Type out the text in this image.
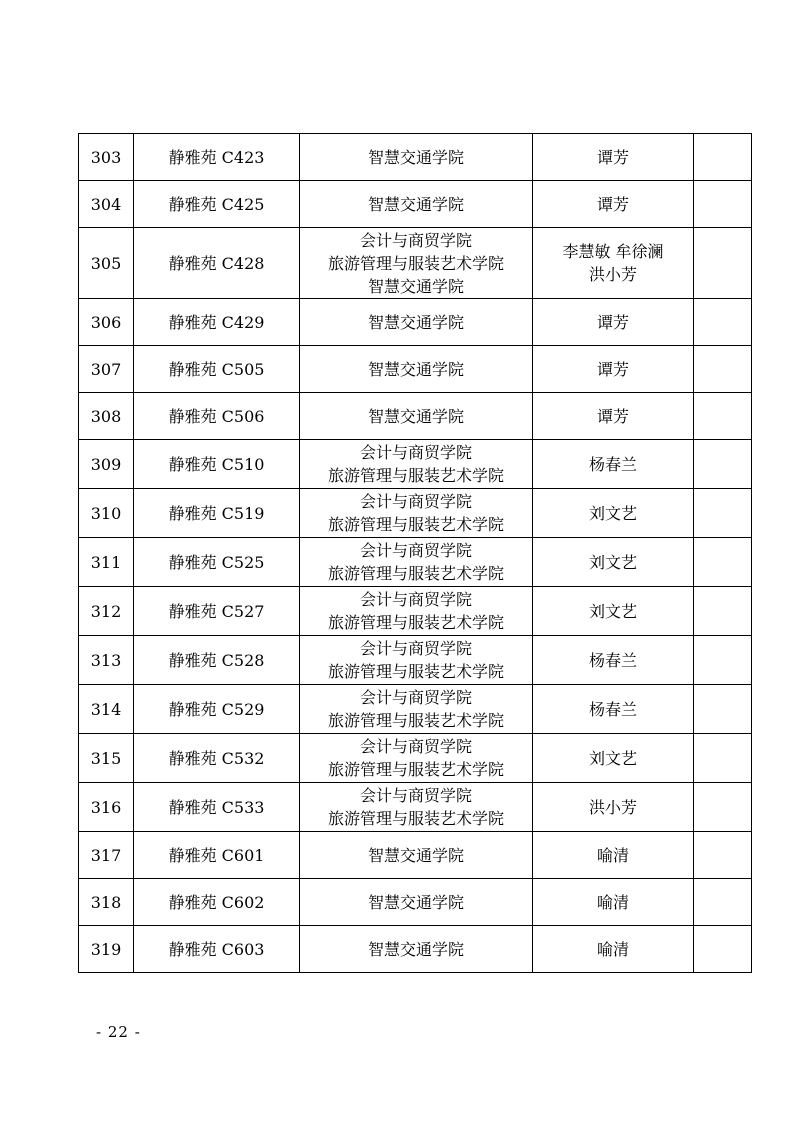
303	静雅苑 C423	智慧交通学院	谭芳	

304	静雅苑 C425	智慧交通学院	谭芳	

305	静雅苑 C428	会计与商贸学院
旅游管理与服装艺术学院
智慧交通学院	李慧敏 牟徐澜
洪小芳	

306	静雅苑 C429	智慧交通学院	谭芳	

307	静雅苑 C505	智慧交通学院	谭芳	

308	静雅苑 C506	智慧交通学院	谭芳	

309	静雅苑 C510	会计与商贸学院
旅游管理与服装艺术学院	杨春兰	

310	静雅苑 C519	会计与商贸学院
旅游管理与服装艺术学院	刘文艺	

311	静雅苑 C525	会计与商贸学院
旅游管理与服装艺术学院	刘文艺	

312	静雅苑 C527	会计与商贸学院
旅游管理与服装艺术学院	刘文艺	

313	静雅苑 C528	会计与商贸学院
旅游管理与服装艺术学院	杨春兰	

314	静雅苑 C529	会计与商贸学院
旅游管理与服装艺术学院	杨春兰	

315	静雅苑 C532	会计与商贸学院
旅游管理与服装艺术学院	刘文艺	

316	静雅苑 C533	会计与商贸学院
旅游管理与服装艺术学院	洪小芳	

317	静雅苑 C601	智慧交通学院	喻清	

318	静雅苑 C602	智慧交通学院	喻清	

319	静雅苑 C603	智慧交通学院	喻清	

- 22 -
